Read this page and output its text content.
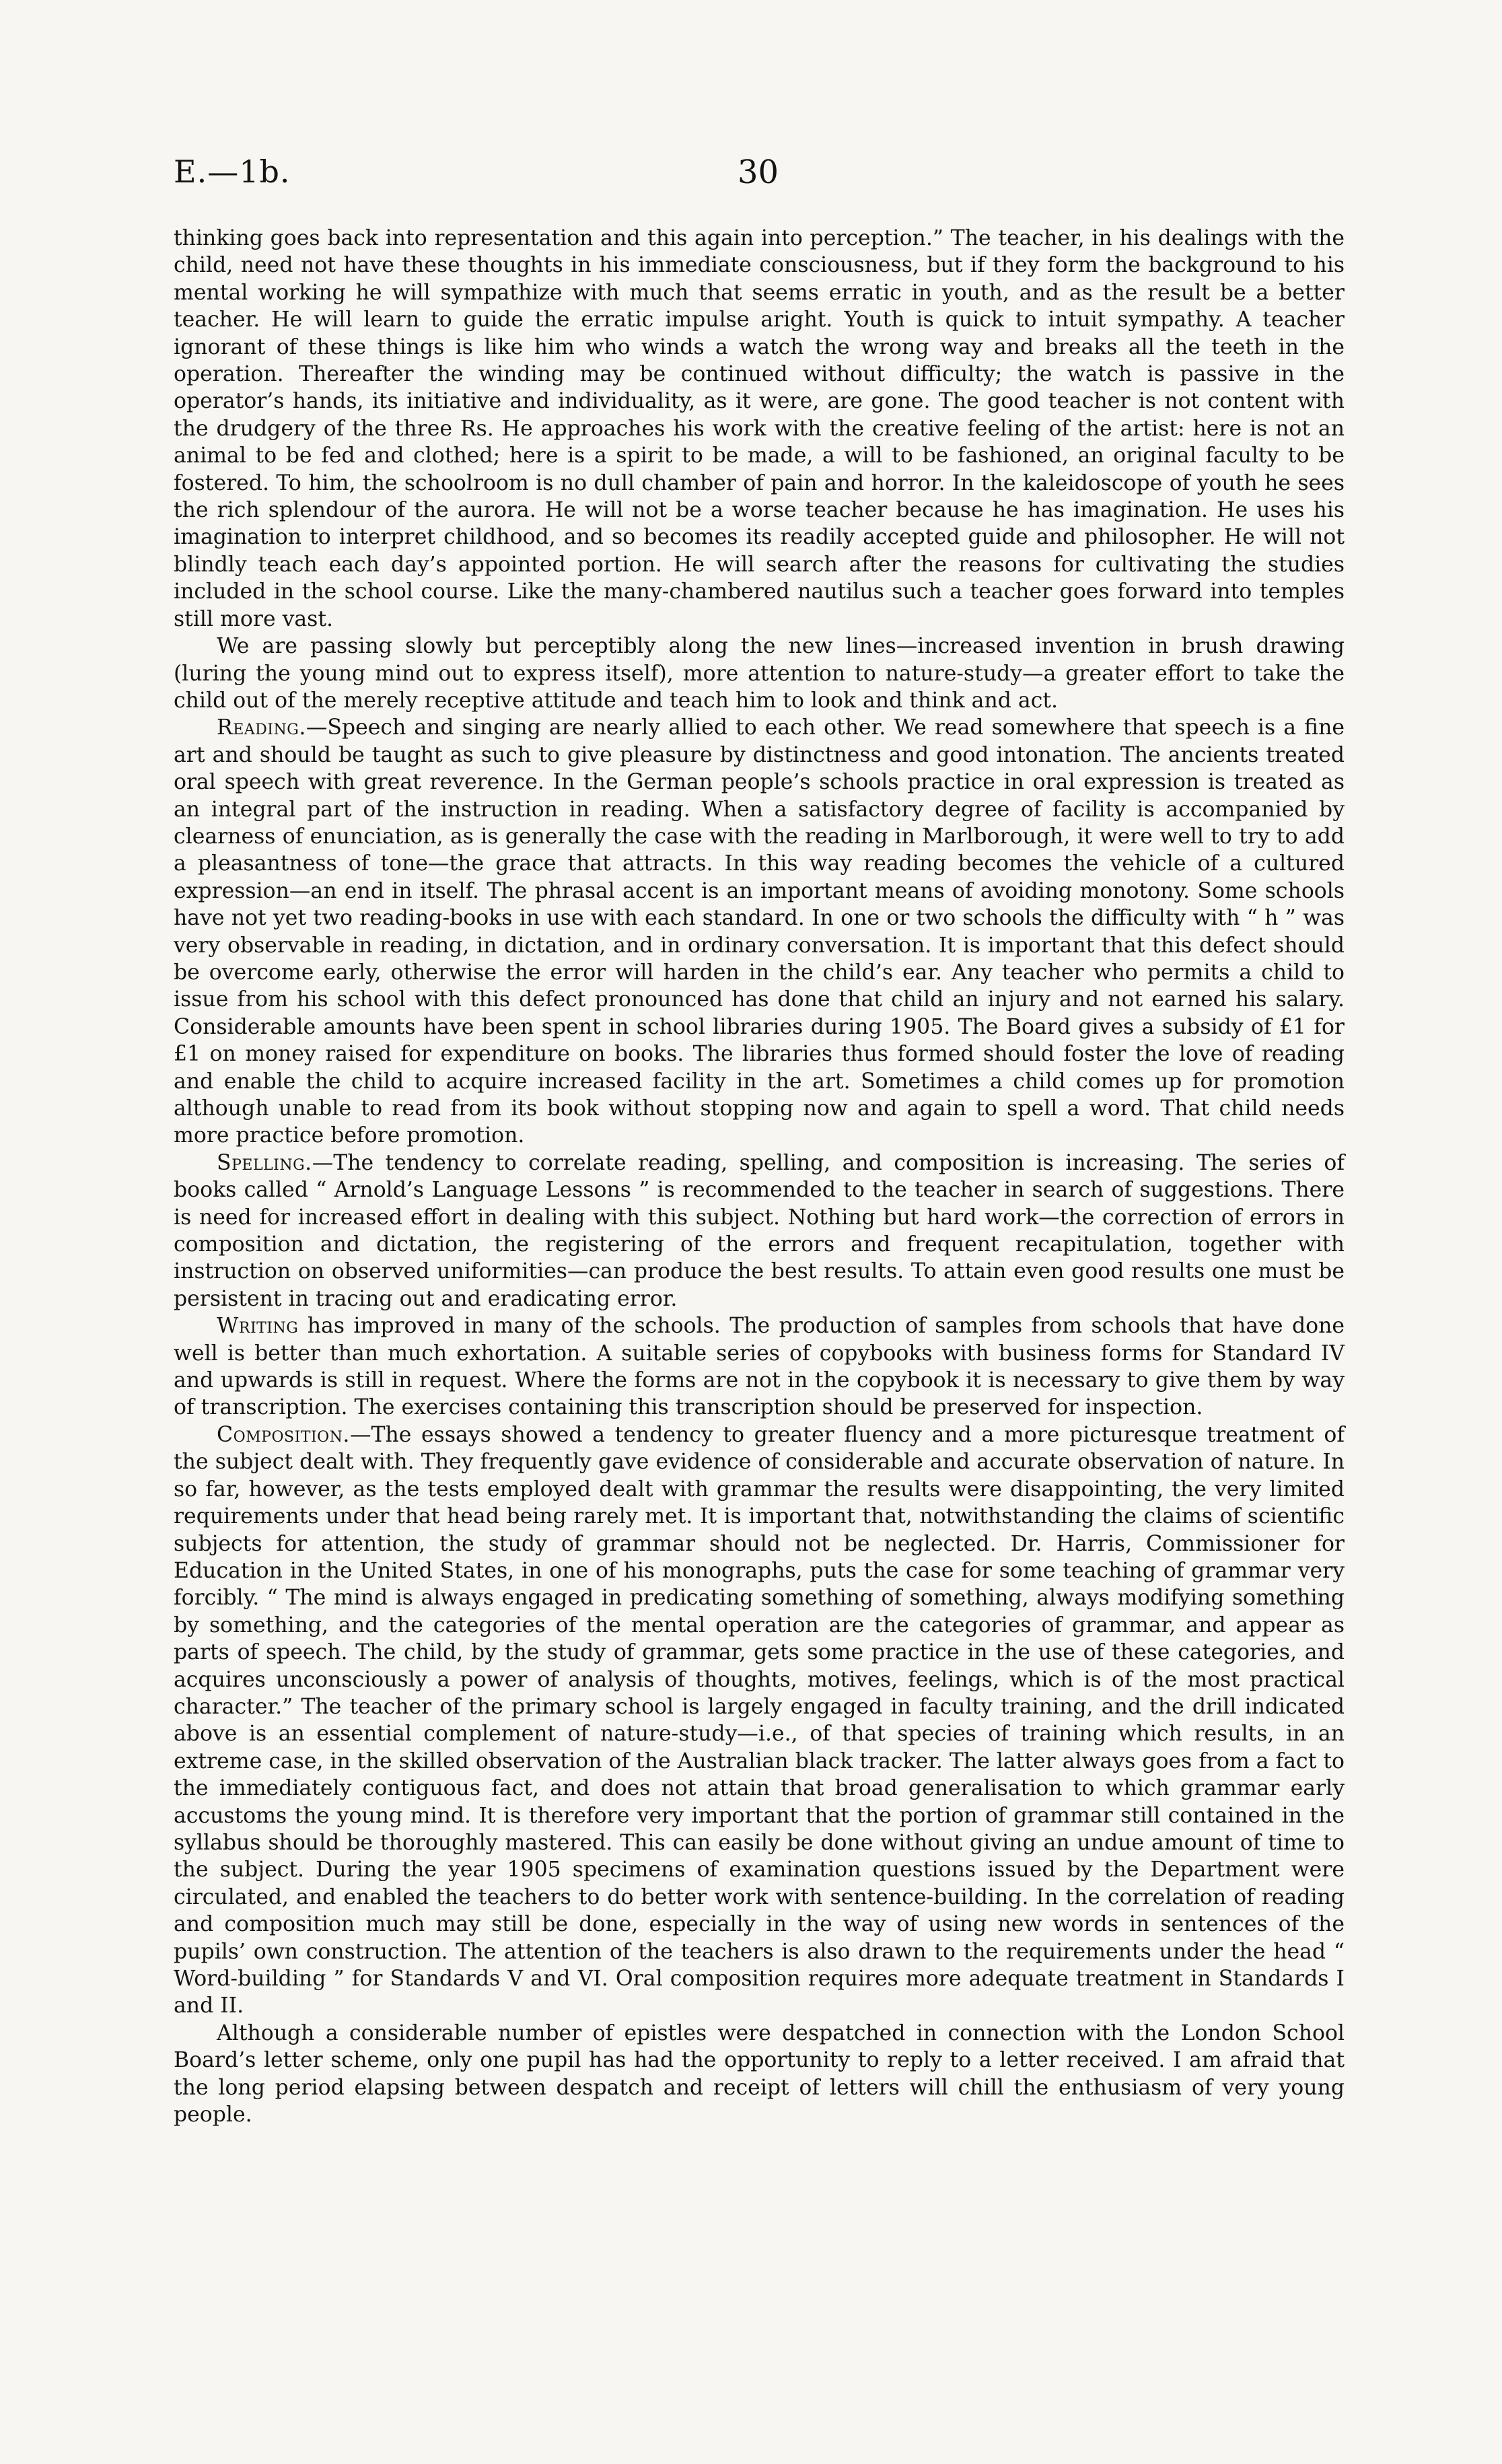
E.—1b.	30

thinking goes back into representation and this again into perception.” The teacher, in his dealings with the child, need not have these thoughts in his immediate consciousness, but if they form the background to his mental working he will sympathize with much that seems erratic in youth, and as the result be a better teacher. He will learn to guide the erratic impulse aright. Youth is quick to intuit sympathy. A teacher ignorant of these things is like him who winds a watch the wrong way and breaks all the teeth in the operation. Thereafter the winding may be continued without difficulty; the watch is passive in the operator’s hands, its initiative and individuality, as it were, are gone. The good teacher is not content with the drudgery of the three Rs. He approaches his work with the creative feeling of the artist: here is not an animal to be fed and clothed; here is a spirit to be made, a will to be fashioned, an original faculty to be fostered. To him, the schoolroom is no dull chamber of pain and horror. In the kaleidoscope of youth he sees the rich splendour of the aurora. He will not be a worse teacher because he has imagination. He uses his imagination to interpret childhood, and so becomes its readily accepted guide and philosopher. He will not blindly teach each day’s appointed portion. He will search after the reasons for cultivating the studies included in the school course. Like the many-chambered nautilus such a teacher goes forward into temples still more vast.

We are passing slowly but perceptibly along the new lines—increased invention in brush drawing (luring the young mind out to express itself), more attention to nature-study—a greater effort to take the child out of the merely receptive attitude and teach him to look and think and act.

Reading.—Speech and singing are nearly allied to each other. We read somewhere that speech is a fine art and should be taught as such to give pleasure by distinctness and good intonation. The ancients treated oral speech with great reverence. In the German people’s schools practice in oral expression is treated as an integral part of the instruction in reading. When a satisfactory degree of facility is accompanied by clearness of enunciation, as is generally the case with the reading in Marlborough, it were well to try to add a pleasantness of tone—the grace that attracts. In this way reading becomes the vehicle of a cultured expression—an end in itself. The phrasal accent is an important means of avoiding monotony. Some schools have not yet two reading-books in use with each standard. In one or two schools the difficulty with “ h ” was very observable in reading, in dictation, and in ordinary conversation. It is important that this defect should be overcome early, otherwise the error will harden in the child’s ear. Any teacher who permits a child to issue from his school with this defect pronounced has done that child an injury and not earned his salary. Considerable amounts have been spent in school libraries during 1905. The Board gives a subsidy of £1 for £1 on money raised for expenditure on books. The libraries thus formed should foster the love of reading and enable the child to acquire increased facility in the art. Sometimes a child comes up for promotion although unable to read from its book without stopping now and again to spell a word. That child needs more practice before promotion.

Spelling.—The tendency to correlate reading, spelling, and composition is increasing. The series of books called “ Arnold’s Language Lessons ” is recommended to the teacher in search of suggestions. There is need for increased effort in dealing with this subject. Nothing but hard work—the correction of errors in composition and dictation, the registering of the errors and frequent recapitulation, together with instruction on observed uniformities—can produce the best results. To attain even good results one must be persistent in tracing out and eradicating error.

Writing has improved in many of the schools. The production of samples from schools that have done well is better than much exhortation. A suitable series of copybooks with business forms for Standard IV and upwards is still in request. Where the forms are not in the copybook it is necessary to give them by way of transcription. The exercises containing this transcription should be preserved for inspection.

Composition.—The essays showed a tendency to greater fluency and a more picturesque treatment of the subject dealt with. They frequently gave evidence of considerable and accurate observation of nature. In so far, however, as the tests employed dealt with grammar the results were disappointing, the very limited requirements under that head being rarely met. It is important that, notwithstanding the claims of scientific subjects for attention, the study of grammar should not be neglected. Dr. Harris, Commissioner for Education in the United States, in one of his monographs, puts the case for some teaching of grammar very forcibly. “ The mind is always engaged in predicating something of something, always modifying something by something, and the categories of the mental operation are the categories of grammar, and appear as parts of speech. The child, by the study of grammar, gets some practice in the use of these categories, and acquires unconsciously a power of analysis of thoughts, motives, feelings, which is of the most practical character.” The teacher of the primary school is largely engaged in faculty training, and the drill indicated above is an essential complement of nature-study—i.e., of that species of training which results, in an extreme case, in the skilled observation of the Australian black tracker. The latter always goes from a fact to the immediately contiguous fact, and does not attain that broad generalisation to which grammar early accustoms the young mind. It is therefore very important that the portion of grammar still contained in the syllabus should be thoroughly mastered. This can easily be done without giving an undue amount of time to the subject. During the year 1905 specimens of examination questions issued by the Department were circulated, and enabled the teachers to do better work with sentence-building. In the correlation of reading and composition much may still be done, especially in the way of using new words in sentences of the pupils’ own construction. The attention of the teachers is also drawn to the requirements under the head “ Word-building ” for Standards V and VI. Oral composition requires more adequate treatment in Standards I and II.

Although a considerable number of epistles were despatched in connection with the London School Board’s letter scheme, only one pupil has had the opportunity to reply to a letter received. I am afraid that the long period elapsing between despatch and receipt of letters will chill the enthusiasm of very young people.
